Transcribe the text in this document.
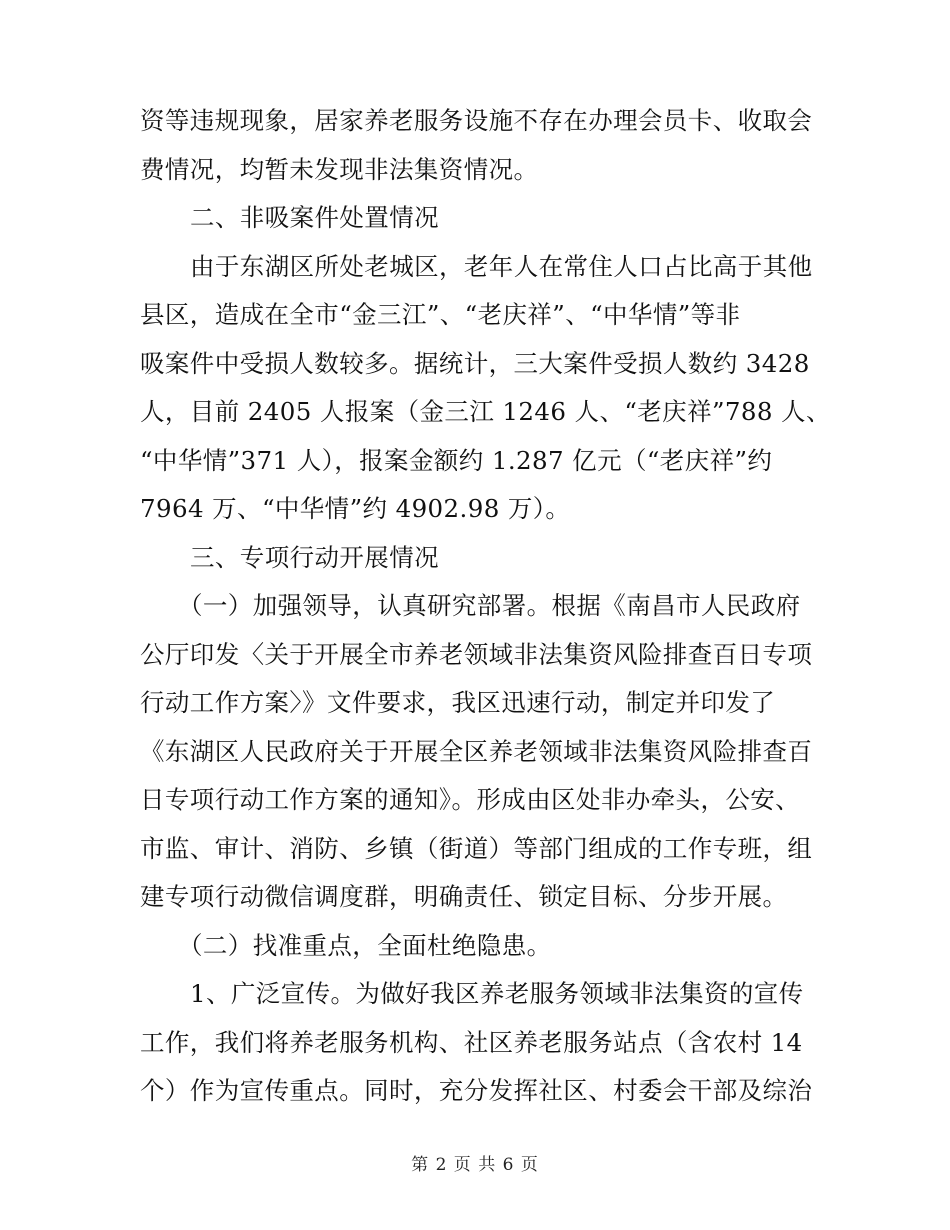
资等违规现象，居家养老服务设施不存在办理会员卡、收取会
费情况，均暂未发现非法集资情况。
二、非吸案件处置情况
由于东湖区所处老城区，老年人在常住人口占比高于其他
县区，造成在全市“金三江”、“老庆祥”、“中华情”等非
吸案件中受损人数较多。据统计，三大案件受损人数约 3428
人，目前 2405 人报案（金三江 1246 人、“老庆祥”788 人、
“中华情”371 人），报案金额约 1.287 亿元（“老庆祥”约
7964 万、“中华情”约 4902.98 万）。
三、专项行动开展情况
（一）加强领导，认真研究部署。根据《南昌市人民政府
公厅印发〈关于开展全市养老领域非法集资风险排查百日专项
行动工作方案〉》文件要求，我区迅速行动，制定并印发了
《东湖区人民政府关于开展全区养老领域非法集资风险排查百
日专项行动工作方案的通知》。形成由区处非办牵头，公安、
市监、审计、消防、乡镇（街道）等部门组成的工作专班，组
建专项行动微信调度群，明确责任、锁定目标、分步开展。
（二）找准重点，全面杜绝隐患。
1、广泛宣传。为做好我区养老服务领域非法集资的宣传
工作，我们将养老服务机构、社区养老服务站点（含农村 14
个）作为宣传重点。同时，充分发挥社区、村委会干部及综治
第 2 页 共 6 页
